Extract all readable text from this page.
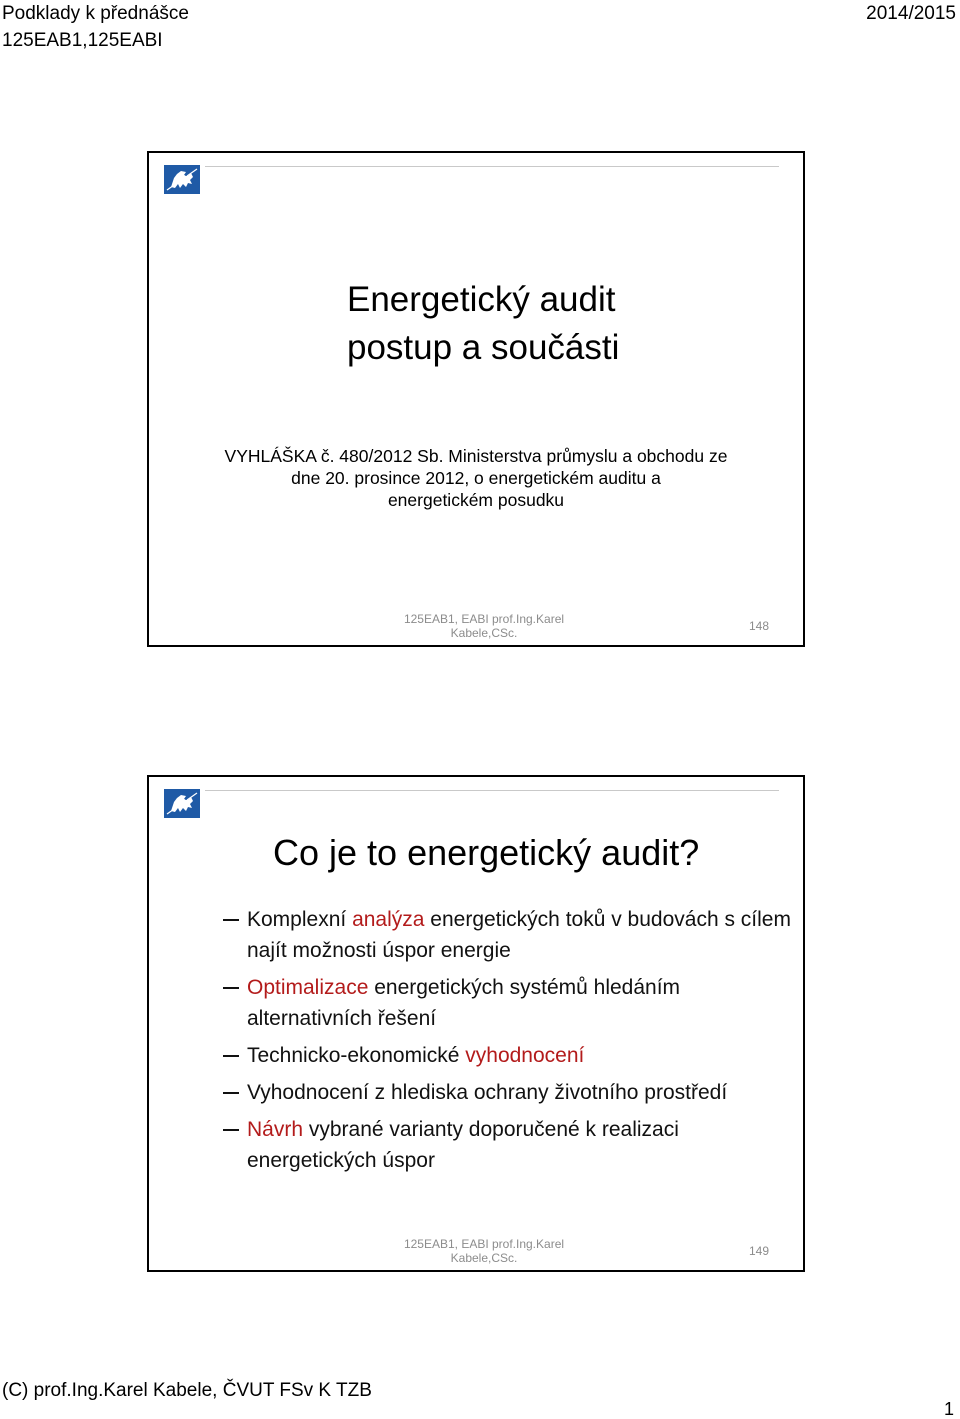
Podklady k přednášce
125EAB1,125EABI
2014/2015
Energetický audit
postup a součásti
VYHLÁŠKA č. 480/2012 Sb. Ministerstva průmyslu a obchodu ze
dne 20. prosince 2012, o energetickém auditu a
energetickém posudku
125EAB1, EABI prof.Ing.Karel
Kabele,CSc.	148
Co je to energetický audit?
Komplexní analýza energetických toků v budovách s cílem najít možnosti úspor energie
Optimalizace energetických systémů hledáním alternativních řešení
Technicko-ekonomické vyhodnocení
Vyhodnocení z hlediska ochrany životního prostředí
Návrh vybrané varianty doporučené k realizaci energetických úspor
125EAB1, EABI prof.Ing.Karel
Kabele,CSc.	149
(C) prof.Ing.Karel Kabele, ČVUT FSv K TZB
1
